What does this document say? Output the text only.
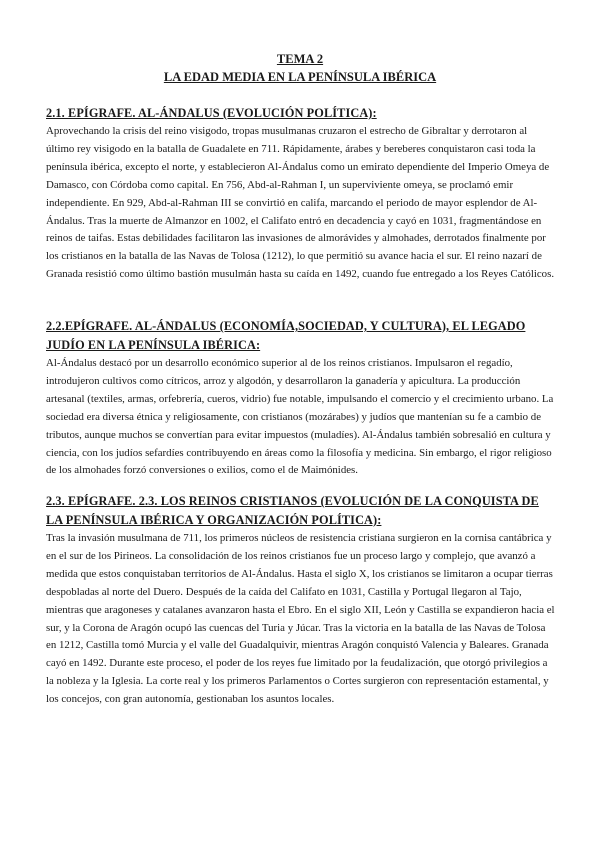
TEMA 2
LA EDAD MEDIA EN LA PENÍNSULA IBÉRICA

2.1. EPÍGRAFE. AL-ÁNDALUS (EVOLUCIÓN POLÍTICA):

Aprovechando la crisis del reino visigodo, tropas musulmanas cruzaron el estrecho de Gibraltar y derrotaron al último rey visigodo en la batalla de Guadalete en 711. Rápidamente, árabes y bereberes conquistaron casi toda la península ibérica, excepto el norte, y establecieron Al-Ándalus como un emirato dependiente del Imperio Omeya de Damasco, con Córdoba como capital. En 756, Abd-al-Rahman I, un superviviente omeya, se proclamó emir independiente. En 929, Abd-al-Rahman III se convirtió en califa, marcando el periodo de mayor esplendor de Al-Ándalus. Tras la muerte de Almanzor en 1002, el Califato entró en decadencia y cayó en 1031, fragmentándose en reinos de taifas. Estas debilidades facilitaron las invasiones de almorávides y almohades, derrotados finalmente por los cristianos en la batalla de las Navas de Tolosa (1212), lo que permitió su avance hacia el sur. El reino nazarí de Granada resistió como último bastión musulmán hasta su caída en 1492, cuando fue entregado a los Reyes Católicos.

2.2.EPÍGRAFE. AL-ÁNDALUS (ECONOMÍA,SOCIEDAD, Y CULTURA), EL LEGADO JUDÍO EN LA PENÍNSULA IBÉRICA:

Al-Ándalus destacó por un desarrollo económico superior al de los reinos cristianos. Impulsaron el regadío, introdujeron cultivos como cítricos, arroz y algodón, y desarrollaron la ganadería y apicultura. La producción artesanal (textiles, armas, orfebrería, cueros, vidrio) fue notable, impulsando el comercio y el crecimiento urbano. La sociedad era diversa étnica y religiosamente, con cristianos (mozárabes) y judíos que mantenían su fe a cambio de tributos, aunque muchos se convertían para evitar impuestos (muladíes). Al-Ándalus también sobresalió en cultura y ciencia, con los judíos sefardíes contribuyendo en áreas como la filosofía y medicina. Sin embargo, el rigor religioso de los almohades forzó conversiones o exilios, como el de Maimónides.

2.3. EPÍGRAFE. 2.3. LOS REINOS CRISTIANOS (EVOLUCIÓN DE LA CONQUISTA DE LA PENÍNSULA IBÉRICA Y ORGANIZACIÓN POLÍTICA):

Tras la invasión musulmana de 711, los primeros núcleos de resistencia cristiana surgieron en la cornisa cantábrica y en el sur de los Pirineos. La consolidación de los reinos cristianos fue un proceso largo y complejo, que avanzó a medida que estos conquistaban territorios de Al-Ándalus. Hasta el siglo X, los cristianos se limitaron a ocupar tierras despobladas al norte del Duero. Después de la caída del Califato en 1031, Castilla y Portugal llegaron al Tajo, mientras que aragoneses y catalanes avanzaron hasta el Ebro. En el siglo XII, León y Castilla se expandieron hacia el sur, y la Corona de Aragón ocupó las cuencas del Turia y Júcar. Tras la victoria en la batalla de las Navas de Tolosa en 1212, Castilla tomó Murcia y el valle del Guadalquivir, mientras Aragón conquistó Valencia y Baleares. Granada cayó en 1492. Durante este proceso, el poder de los reyes fue limitado por la feudalización, que otorgó privilegios a la nobleza y la Iglesia. La corte real y los primeros Parlamentos o Cortes surgieron con representación estamental, y los concejos, con gran autonomía, gestionaban los asuntos locales.
